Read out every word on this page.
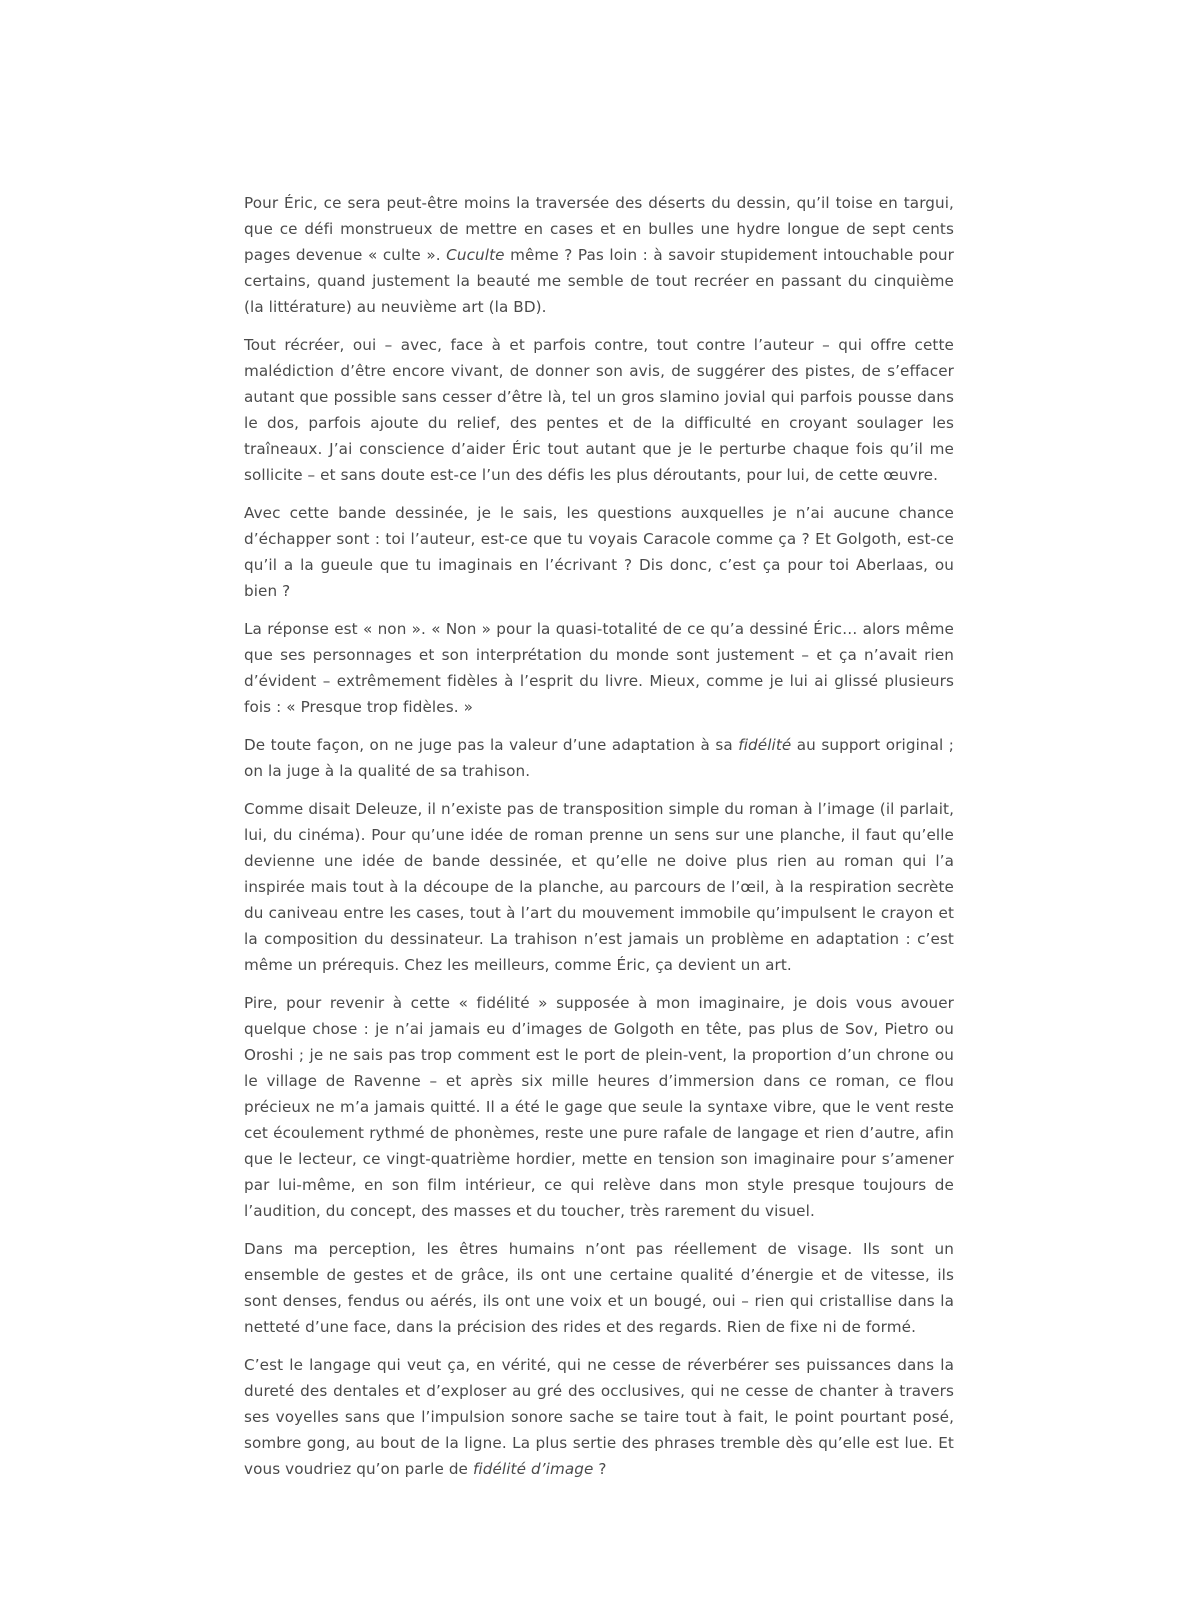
Pour Éric, ce sera peut-être moins la traversée des déserts du dessin, qu’il toise en targui, que ce défi monstrueux de mettre en cases et en bulles une hydre longue de sept cents pages devenue « culte ». Cuculte même ? Pas loin : à savoir stupidement intouchable pour certains, quand justement la beauté me semble de tout recréer en passant du cinquième (la littérature) au neuvième art (la BD).

Tout récréer, oui – avec, face à et parfois contre, tout contre l’auteur – qui offre cette malédiction d’être encore vivant, de donner son avis, de suggérer des pistes, de s’effacer autant que possible sans cesser d’être là, tel un gros slamino jovial qui parfois pousse dans le dos, parfois ajoute du relief, des pentes et de la difficulté en croyant soulager les traîneaux. J’ai conscience d’aider Éric tout autant que je le perturbe chaque fois qu’il me sollicite – et sans doute est-ce l’un des défis les plus déroutants, pour lui, de cette œuvre.

Avec cette bande dessinée, je le sais, les questions auxquelles je n’ai aucune chance d’échapper sont : toi l’auteur, est-ce que tu voyais Caracole comme ça ? Et Golgoth, est-ce qu’il a la gueule que tu imaginais en l’écrivant ? Dis donc, c’est ça pour toi Aberlaas, ou bien ?

La réponse est « non ». « Non » pour la quasi-totalité de ce qu’a dessiné Éric… alors même que ses personnages et son interprétation du monde sont justement – et ça n’avait rien d’évident – extrêmement fidèles à l’esprit du livre. Mieux, comme je lui ai glissé plusieurs fois : « Presque trop fidèles. »

De toute façon, on ne juge pas la valeur d’une adaptation à sa fidélité au support original ; on la juge à la qualité de sa trahison.

Comme disait Deleuze, il n’existe pas de transposition simple du roman à l’image (il parlait, lui, du cinéma). Pour qu’une idée de roman prenne un sens sur une planche, il faut qu’elle devienne une idée de bande dessinée, et qu’elle ne doive plus rien au roman qui l’a inspirée mais tout à la découpe de la planche, au parcours de l’œil, à la respiration secrète du caniveau entre les cases, tout à l’art du mouvement immobile qu’impulsent le crayon et la composition du dessinateur. La trahison n’est jamais un problème en adaptation : c’est même un prérequis. Chez les meilleurs, comme Éric, ça devient un art.

Pire, pour revenir à cette « fidélité » supposée à mon imaginaire, je dois vous avouer quelque chose : je n’ai jamais eu d’images de Golgoth en tête, pas plus de Sov, Pietro ou Oroshi ; je ne sais pas trop comment est le port de plein-vent, la proportion d’un chrone ou le village de Ravenne – et après six mille heures d’immersion dans ce roman, ce flou précieux ne m’a jamais quitté. Il a été le gage que seule la syntaxe vibre, que le vent reste cet écoulement rythmé de phonèmes, reste une pure rafale de langage et rien d’autre, afin que le lecteur, ce vingt-quatrième hordier, mette en tension son imaginaire pour s’amener par lui-même, en son film intérieur, ce qui relève dans mon style presque toujours de l’audition, du concept, des masses et du toucher, très rarement du visuel.

Dans ma perception, les êtres humains n’ont pas réellement de visage. Ils sont un ensemble de gestes et de grâce, ils ont une certaine qualité d’énergie et de vitesse, ils sont denses, fendus ou aérés, ils ont une voix et un bougé, oui – rien qui cristallise dans la netteté d’une face, dans la précision des rides et des regards. Rien de fixe ni de formé.

C’est le langage qui veut ça, en vérité, qui ne cesse de réverbérer ses puissances dans la dureté des dentales et d’exploser au gré des occlusives, qui ne cesse de chanter à travers ses voyelles sans que l’impulsion sonore sache se taire tout à fait, le point pourtant posé, sombre gong, au bout de la ligne. La plus sertie des phrases tremble dès qu’elle est lue. Et vous voudriez qu’on parle de fidélité d’image ?
